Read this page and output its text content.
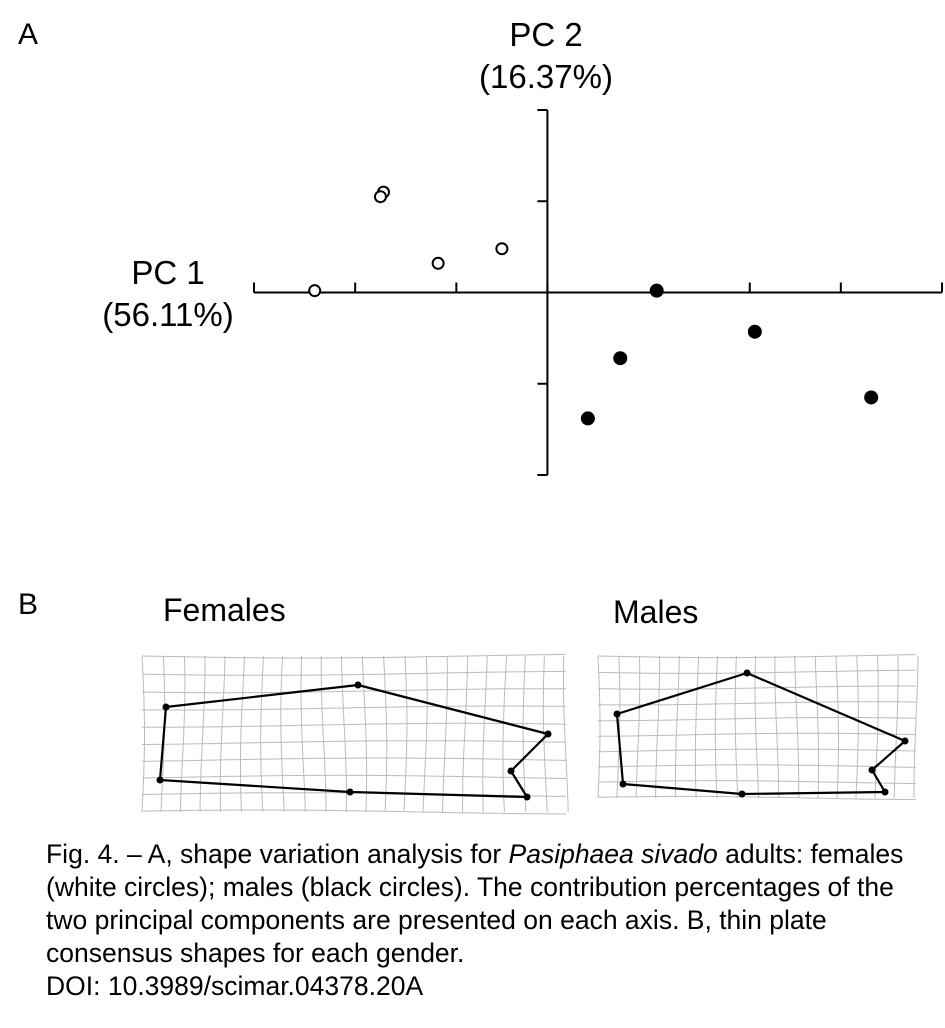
A	PC 2
(16.37%)
PC 1
(56.11%)
B	Females	Males
Fig. 4. – A, shape variation analysis for Pasiphaea sivado adults: females (white circles); males (black circles). The contribution percentages of the two principal components are presented on each axis. B, thin plate consensus shapes for each gender.
DOI: 10.3989/scimar.04378.20A
